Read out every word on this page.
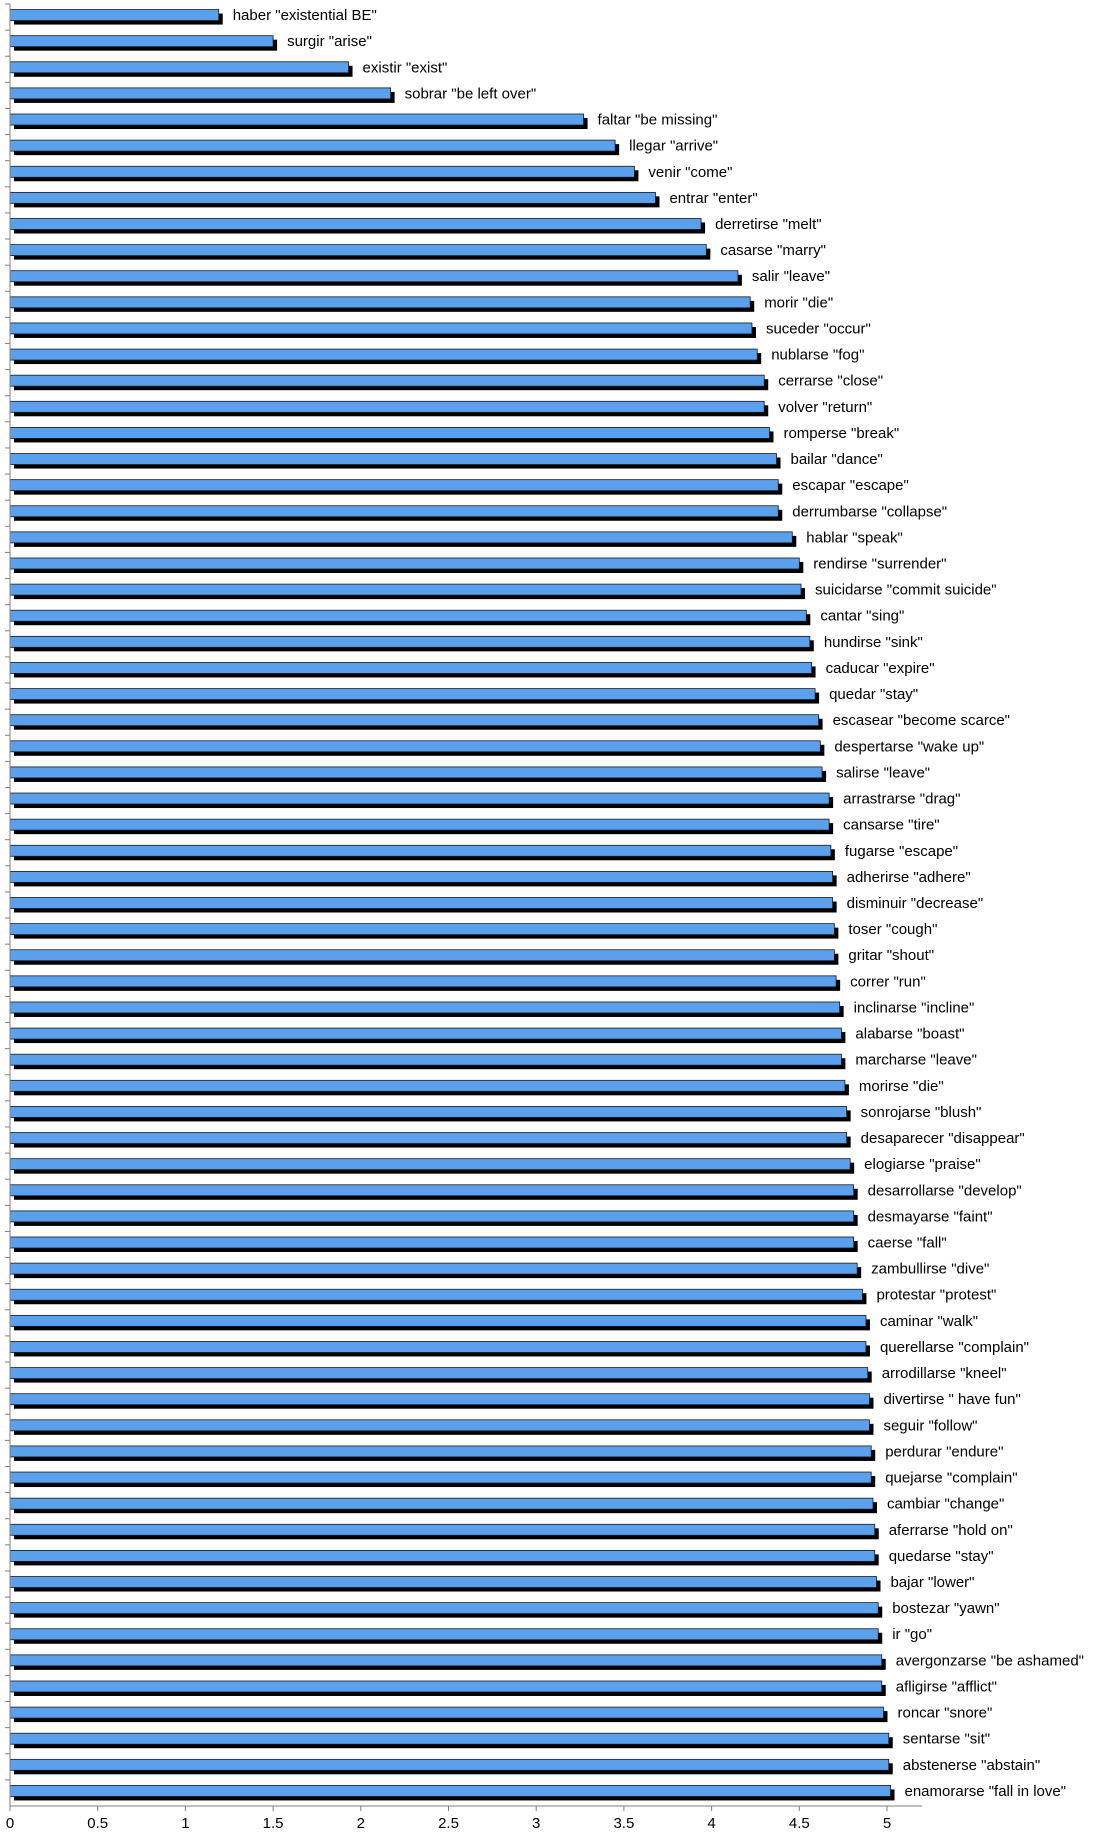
haber "existential BE"
surgir "arise"
existir "exist"
sobrar "be left over"
faltar "be missing"
llegar "arrive"
venir "come"
entrar "enter"
derretirse "melt"
casarse "marry"
salir "leave"
morir "die"
suceder "occur"
nublarse "fog"
cerrarse "close"
volver "return"
romperse "break"
bailar "dance"
escapar "escape"
derrumbarse "collapse"
hablar "speak"
rendirse "surrender"
suicidarse "commit suicide"
cantar "sing"
hundirse "sink"
caducar "expire"
quedar "stay"
escasear "become scarce"
despertarse "wake up"
salirse "leave"
arrastrarse "drag"
cansarse "tire"
fugarse "escape"
adherirse "adhere"
disminuir "decrease"
toser "cough"
gritar "shout"
correr "run"
inclinarse "incline"
alabarse "boast"
marcharse "leave"
morirse "die"
sonrojarse "blush"
desaparecer "disappear"
elogiarse "praise"
desarrollarse "develop"
desmayarse "faint"
caerse "fall"
zambullirse "dive"
protestar "protest"
caminar "walk"
querellarse "complain"
arrodillarse "kneel"
divertirse " have fun"
seguir "follow"
perdurar "endure"
quejarse "complain"
cambiar "change"
aferrarse "hold on"
quedarse "stay"
bajar "lower"
bostezar "yawn"
ir "go"
avergonzarse "be ashamed"
afligirse "afflict"
roncar "snore"
sentarse "sit"
abstenerse "abstain"
enamorarse "fall in love"
0	0.5	1	1.5	2	2.5	3	3.5	4	4.5	5
